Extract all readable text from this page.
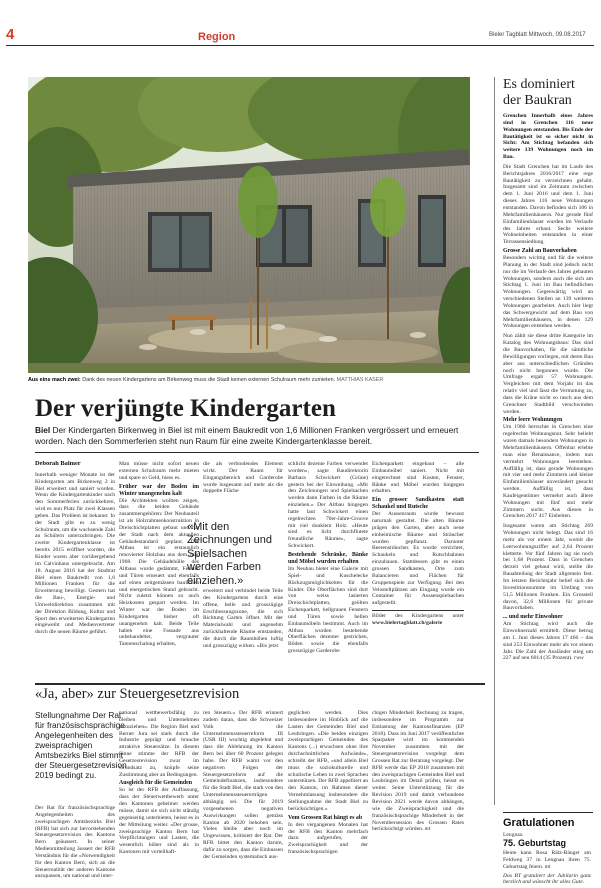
4	Region	Bieler Tagblatt Mittwoch, 09.08.2017
Aus eins mach zwei: Dank des neuen Kindergartens am Birkenweg muss die Stadt keinen externen Schulraum mehr zumieten. MATTHIAS KÄSER
Der verjüngte Kindergarten
Biel Der Kindergarten Birkenweg in Biel ist mit einem Baukredit von 1,6 Millionen Franken vergrössert und erneuert worden. Nach den Sommerferien steht nun Raum für eine zweite Kindergartenklasse bereit.
Deborah Balmer
Innerhalb weniger Monate ist der Kindergarten am Birkenweg 2 in Biel erweitert und saniert worden. Wenn die Kindergartenkinder nach den Sommerferien zurückkehren, wird es nun Platz für zwei Klassen geben. Das Problem ist bekannt: In der Stadt gibt es zu wenig Schulraum, um die wachsende Zahl an Schülern unterzubringen. Die zweite Kindergartenklasse ist bereits 2015 eröffnet worden, die Kinder waren aber vorübergehend im Calvinhaus untergebracht. Am 18. August 2016 hat der Stadtrat Biel einen Baukredit von 1,6 Millionen Franken für die Erweiterung bewilligt. Gestern hat die Bau-, Energie- und Umweltdirektion zusammen mit der Direktion Bildung, Kultur und Sport den erweiterten Kindergarten eingeweiht und Medienvertreter durch die neuen Räume geführt.
Man müsse nicht sofort neuen externen Schulraum mehr mieten und spare so Geld, hiess es.
Früher war der Boden im Winter unangenehm kalt
Die Architekten wollten zeigen, dass die beiden Gebäude zusammengehören: Der Neubauteil ist als Holzrahmenkonstruktion in Dreischichtplatten gebaut und hat der Stadt nach dem aktuellen Gebäudestandard geplant. Der Altbau ist ein erstaunlich renovierter Holzbau aus dem Jahr 1968. Die Gebäudehülle des Altbaus wurde gedämmt, Fenster und Türen erneuert und ebenfalls auf einen zeitgemässen baulichen und energetischen Stand gebracht. Nicht zuletzt können so auch Heizkosten gespart werden. Im Winter war der Boden im Kindergarten bisher oft unangenehm kalt. Beide Teile haben eine Fassade aus unbehandelter, vergrauter Tannenschalung erhalten,
die als verbindendes Element wirkt. Der Raum für Eingangsbereich und Garderobe wurde insgesamt auf mehr als die doppelte Fläche
«Mit den Zeichnungen und Spielsachen werden Farben einziehen.»
erweitert und verbindet beide Teile des Kindergartens durch eine offene, helle und grosszügige Erschliessungszone, die sich Richtung Garten öffnet. Mit der Materialwahl und angenehm zurückhaltende Räume entstanden, die durch die Raumhöhen luftig und grosszügig wirken. «Bis jetzt
schlicht dezente Farben verwendet worden», sagte Baudirektorin Barbara Schwickert (Grüne) gestern bei der Einweihung. «Mit den Zeichnungen und Spielsachen werden dann Farben in die Räume einziehen.» Der Altbau hingegen hatte laut Schwickert einen regelrechten 70er-Jahre-Groove mit viel dunklem Holz. «Heute sind es licht durchflutete freundliche Räume», sagte Schwickert.
Bestehende Schränke, Bänke und Möbel wurden erhalten
Im Neubau bietet eine Galerie mit Spiel- und Kuschelecke Rückzugsmöglichkeiten für die Kinder. Die Oberflächen sind dort von weiss lasierten Dreischichtplatten, geölten Eichenparkett, hellgrauen Fenstern und Türen sowie hellen Einbaumöbeln bestimmt. Auch im Altbau wurden bestehende Oberflächen dezenter gestrichen, Böden sowie die ebenfalls grosszügige Garderobe
Eichenparkett eingebaut – alle Einbaumöbel saniert. Nicht mit eingerechnet sind Kosten, Fenster, Bänke und Möbel wurden hingegen erhalten.
Ein grosser Sandkasten statt Schaukel und Rutsche
Der Aussenraum wurde bewusst naturnah gestaltet. Die alten Bäume prägen den Garten, aber auch neue einheimische Bäume und Sträucher wurden gepflanzt. Darunter Beerensträucher. Es wurde verzichtet, Schaukeln und Rutschbahnen einzubauen. Stattdessen gibt es einen grossen Sandkasten, Orte zum Balancieren und Flächen für Gruppenspiele zur Verfügung. Bei den Velostellplätzen am Eingang wurde ein Container für Aussenspielsachen aufgestellt.
Bilder des Kindergartens unter www.bielertagblatt.ch/galerie
Es dominiert
der Baukran
Grenchen Innerhalb eines Jahres sind in Grenchen 116 neue Wohnungen entstanden. Bis Ende der Bautätigkeit ist so sicher nicht in Sicht: Am Stichtag befanden sich weitere 139 Wohnungen noch im Bau.
Die Stadt Grenchen hat im Laufe des Berichtsjahres 2016/2017 eine rege Bautätigkeit zu verzeichnen gehabt. Insgesamt sind im Zeitraum zwischen dem 1. Juni 2016 und dem 1. Juni dieses Jahres 116 neue Wohnungen entstanden. Davon befinden sich 106 in Mehrfamilienhäusern. Nur gerade fünf Einfamilienhäuser wurden im Verlaufe des Jahres erbaut. Sechs weitere Wohneinheiten entstanden in einer Terrassensiedlung.
Grosse Zahl an Bauvorhaben
Besonders wichtig und für die weitere Planung in der Stadt sind jedoch nicht nur die im Verlaufe des Jahres gebauten Wohnungen, sondern auch die sich am Stichtag 1. Juni im Bau befindlichen Wohnungen. Gegenwärtig wird an verschiedenen Stellen an 139 weiteren Wohnungen gearbeitet. Auch hier liegt das Schwergewicht auf dem Bau von Mehrfamilienhäusern, in denen 129 Wohnungen entstehen werden.
Nun zählt sie diese dritte Kategorie im Katalog des Wohnungsbaus: Das sind die Bauvorhaben, für die sämtliche Bewilligungen vorliegen, mit deren Bau aber aus unterschiedlichen Gründen noch nicht begonnen wurde. Die Umfrage ergab 57 Wohnungen. Vergleichen mit dem Vorjahr ist das relativ viel und lässt die Vermutung zu, dass die Kräne nicht so rasch aus dem Grenchner Stadtbild verschwinden werden.
Mehr leere Wohnungen
Um 1960 herrschte in Grenchen eine regelrechte Wohnungsnot. Sehr beliebt waren damals besonders Wohnungen in Mehrfamilienhäusern. Offenbar erlebte man eine Renaissance, indem nun vermehrt Wohnungen leerstehen. Auffällig ist, dass gerade Wohnungen mit vier und mehr Zimmern und kleine Einfamilienhäuser unverändert gesucht werden. Auffällig ist, dass Kaufeigentümer vermehrt auch ältere Wohnungen mit fünf und mehr Zimmern sucht. Aus diesen in Grenchen 2017 417 Einheiten.
Insgesamt waren am Stichtag 269 Wohnungen nicht belegt. Das sind 16 mehr als vor einem Jahr, womit die Leerwohnungsziffer auf 2,64 Prozent kletterte. Vor fünf Jahren lag sie noch bei 1,68 Prozent. Dass in Grenchen derzeit viel gebaut wird, stellte die Bauabteilung der Stadt allgemein fest. Im letzten Berichtsjahr belief sich die Investitionssumme im Umfang von 51,5 Millionen Franken. Ein Grossteil davon, 32,6 Millionen für private Bauvorhaben.
... und mehr Einwohner
Am Stichtag wird auch die Einwohnerzahl ermittelt. Diese betrug am 1. Juni dieses Jahres 17 466 – das sind 253 Einwohner mehr als vor einem Jahr. Die Zahl der Ausländer stieg um 227 auf neu 6014 (35 Prozent). rww
«Ja, aber» zur Steuergesetzrevision
Stellungnahme Der Rat für französischsprachige Angelegenheiten des zweisprachigen Amtsbezirks Biel stimmt der Steuergesetzrevision 2019 bedingt zu.
Der Rat für französischsprachige Angelegenheiten des zweisprachigen Amtsbezirks Biel (RFB) hat sich zur bevorstehenden Steuergesetzrevision des Kantons Bern geäussert. In seiner Medienmitteilung äussert der RFB Verständnis für die «Notwendigkeit für den Kanton Bern, sich an die Steuerrealität der anderen Kantone anzupassen, um national und inter-
national wettbewerbsfähig zu bleiben und Unternehmen anzuziehen». Die Region Biel und Berner Jura sei stark durch die Industrie geprägt und brauche attraktive Steuersätze. In diesem Sinne stimme der RFB der Gesetzesrevision zwar im Grundsatz zu, knüpfe seine Zustimmung aber an Bedingungen.
Ausgleich für die Gemeinden
So ist der RFB der Auffassung, dass der Steuerwettbewerb unter den Kantonen geheimer werden müsse, damit sie sich nicht ständig gegenseitig unterbieten, heisst es in der Mitteilung weiter. «Der grosse, zweisprachige Kanton Bern hat Verpflichtungen und Lasten, die wesentlich höher sind als in Kantonen mit vorteilhaft-
ren Steuern.» Der RFB erinnert zudem daran, dass die Schweizer Volk die Unternehmenssteuerreform III (USR III) wuchtig abgelehnt und dass die Ablehnung im Kanton Bern bei über 60 Prozent gelegen habe. Der RFB warnt vor den negativen Folgen der Steuergesetzreform auf die Gemeindefinanzen, insbesondere für die Stadt Biel, die stark von den Unternehmenssteuererträgen abhängig sei. Die für 2019 vorgesehenen negativen Auswirkungen sollen gemäss Kanton ab 2020 behoben sein. Vieles bleibe aber noch im Ungewissen, kritisiert der Rat. Der RFB bittet den Kanton darum, dafür zu sorgen, dass die Einbussen der Gemeinden systematisch aus-
geglichen werden. Dies insbesondere im Hinblick auf die Lasten der Gemeinden Biel und Leubringen. «Die beiden einzigen zweisprachigen Gemeinden des Kantons (...) erwachsen ohne ihre durchschnittlichen Aufwände», schreibt der RFB, «und allein Biel muss die soziokulturelle und schulische Leben in zwei Sprachen unterstützen. Der RFB appelliert an den Kanton, im Rahmen dieser Vernehmlassung insbesondere die Stellungnahme der Stadt Biel zu berücksichtigen.»
Vom Grossen Rat hängt es ab
In den vergangenen Monaten hat der RFB den Kanton mehrfach dazu aufgerufen, der Zweisprachigkeit und der französischsprachigen
chigen Minderheit Rechnung zu tragen, insbesondere im Programm zur Entlastung der Kantonsfinanzen (EP 2018). Dass im Juni 2017 veröffentlichte Sparpaket wird im kommenden November zusammen mit der Steuergesetzrevision vorgelegt dem Grossen Rat zur Beratung vorgelegt. Der RFB werde das EP 2018 zusammen mit den zweisprachigen Gemeinden Biel und Leubringen im Detail prüfen, heisst es weiter. Seine Unterstützung für die Revision 2019 und damit verbundene Revision 2021 werde davon abhängen, wie die Zweisprachigkeit und die französischsprachige Minderheit in der Novembersession des Grossen Rates berücksichtigt würden. mt
Gratulationen
Lengnau
75. Geburtstag
Heute kann Rosa Rätz-Bänger am Feldweg 37 in Lengnau ihren 75. Geburtstag feiern. mt
Das BT gratuliert der Jubilarin ganz herzlich und wünscht ihr alles Gute.
